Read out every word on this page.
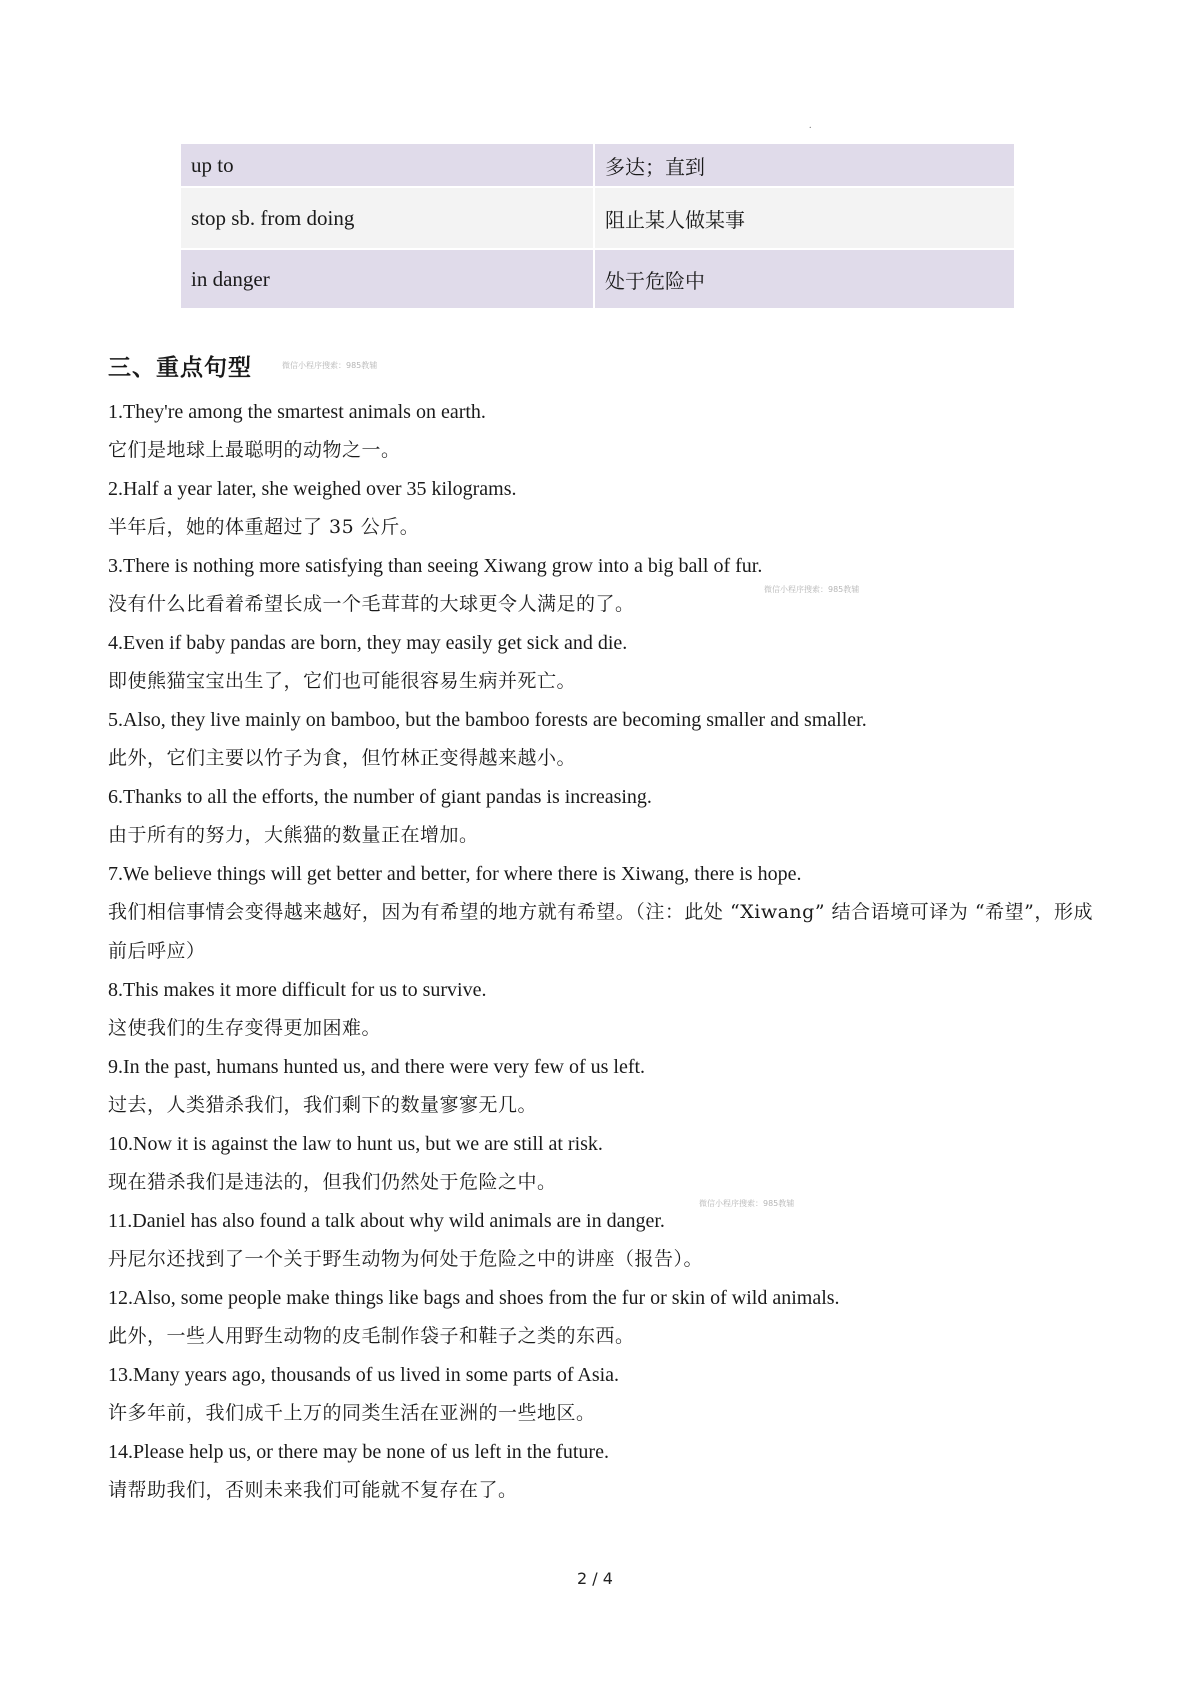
.
up to	多达；直到
stop sb. from doing	阻止某人做某事
in danger	处于危险中
三、重点句型	微信小程序搜索：985教辅
微信小程序搜索：985教辅
微信小程序搜索：985教辅
1.They're among the smartest animals on earth.
它们是地球上最聪明的动物之一。
2.Half a year later, she weighed over 35 kilograms.
半年后，她的体重超过了 35 公斤。
3.There is nothing more satisfying than seeing Xiwang grow into a big ball of fur.
没有什么比看着希望长成一个毛茸茸的大球更令人满足的了。
4.Even if baby pandas are born, they may easily get sick and die.
即使熊猫宝宝出生了，它们也可能很容易生病并死亡。
5.Also, they live mainly on bamboo, but the bamboo forests are becoming smaller and smaller.
此外，它们主要以竹子为食，但竹林正变得越来越小。
6.Thanks to all the efforts, the number of giant pandas is increasing.
由于所有的努力，大熊猫的数量正在增加。
7.We believe things will get better and better, for where there is Xiwang, there is hope.
我们相信事情会变得越来越好，因为有希望的地方就有希望。（注：此处 “Xiwang” 结合语境可译为 “希望”，形成前后呼应）
8.This makes it more difficult for us to survive.
这使我们的生存变得更加困难。
9.In the past, humans hunted us, and there were very few of us left.
过去，人类猎杀我们，我们剩下的数量寥寥无几。
10.Now it is against the law to hunt us, but we are still at risk.
现在猎杀我们是违法的，但我们仍然处于危险之中。
11.Daniel has also found a talk about why wild animals are in danger.
丹尼尔还找到了一个关于野生动物为何处于危险之中的讲座（报告）。
12.Also, some people make things like bags and shoes from the fur or skin of wild animals.
此外，一些人用野生动物的皮毛制作袋子和鞋子之类的东西。
13.Many years ago, thousands of us lived in some parts of Asia.
许多年前，我们成千上万的同类生活在亚洲的一些地区。
14.Please help us, or there may be none of us left in the future.
请帮助我们，否则未来我们可能就不复存在了。
2 / 4
